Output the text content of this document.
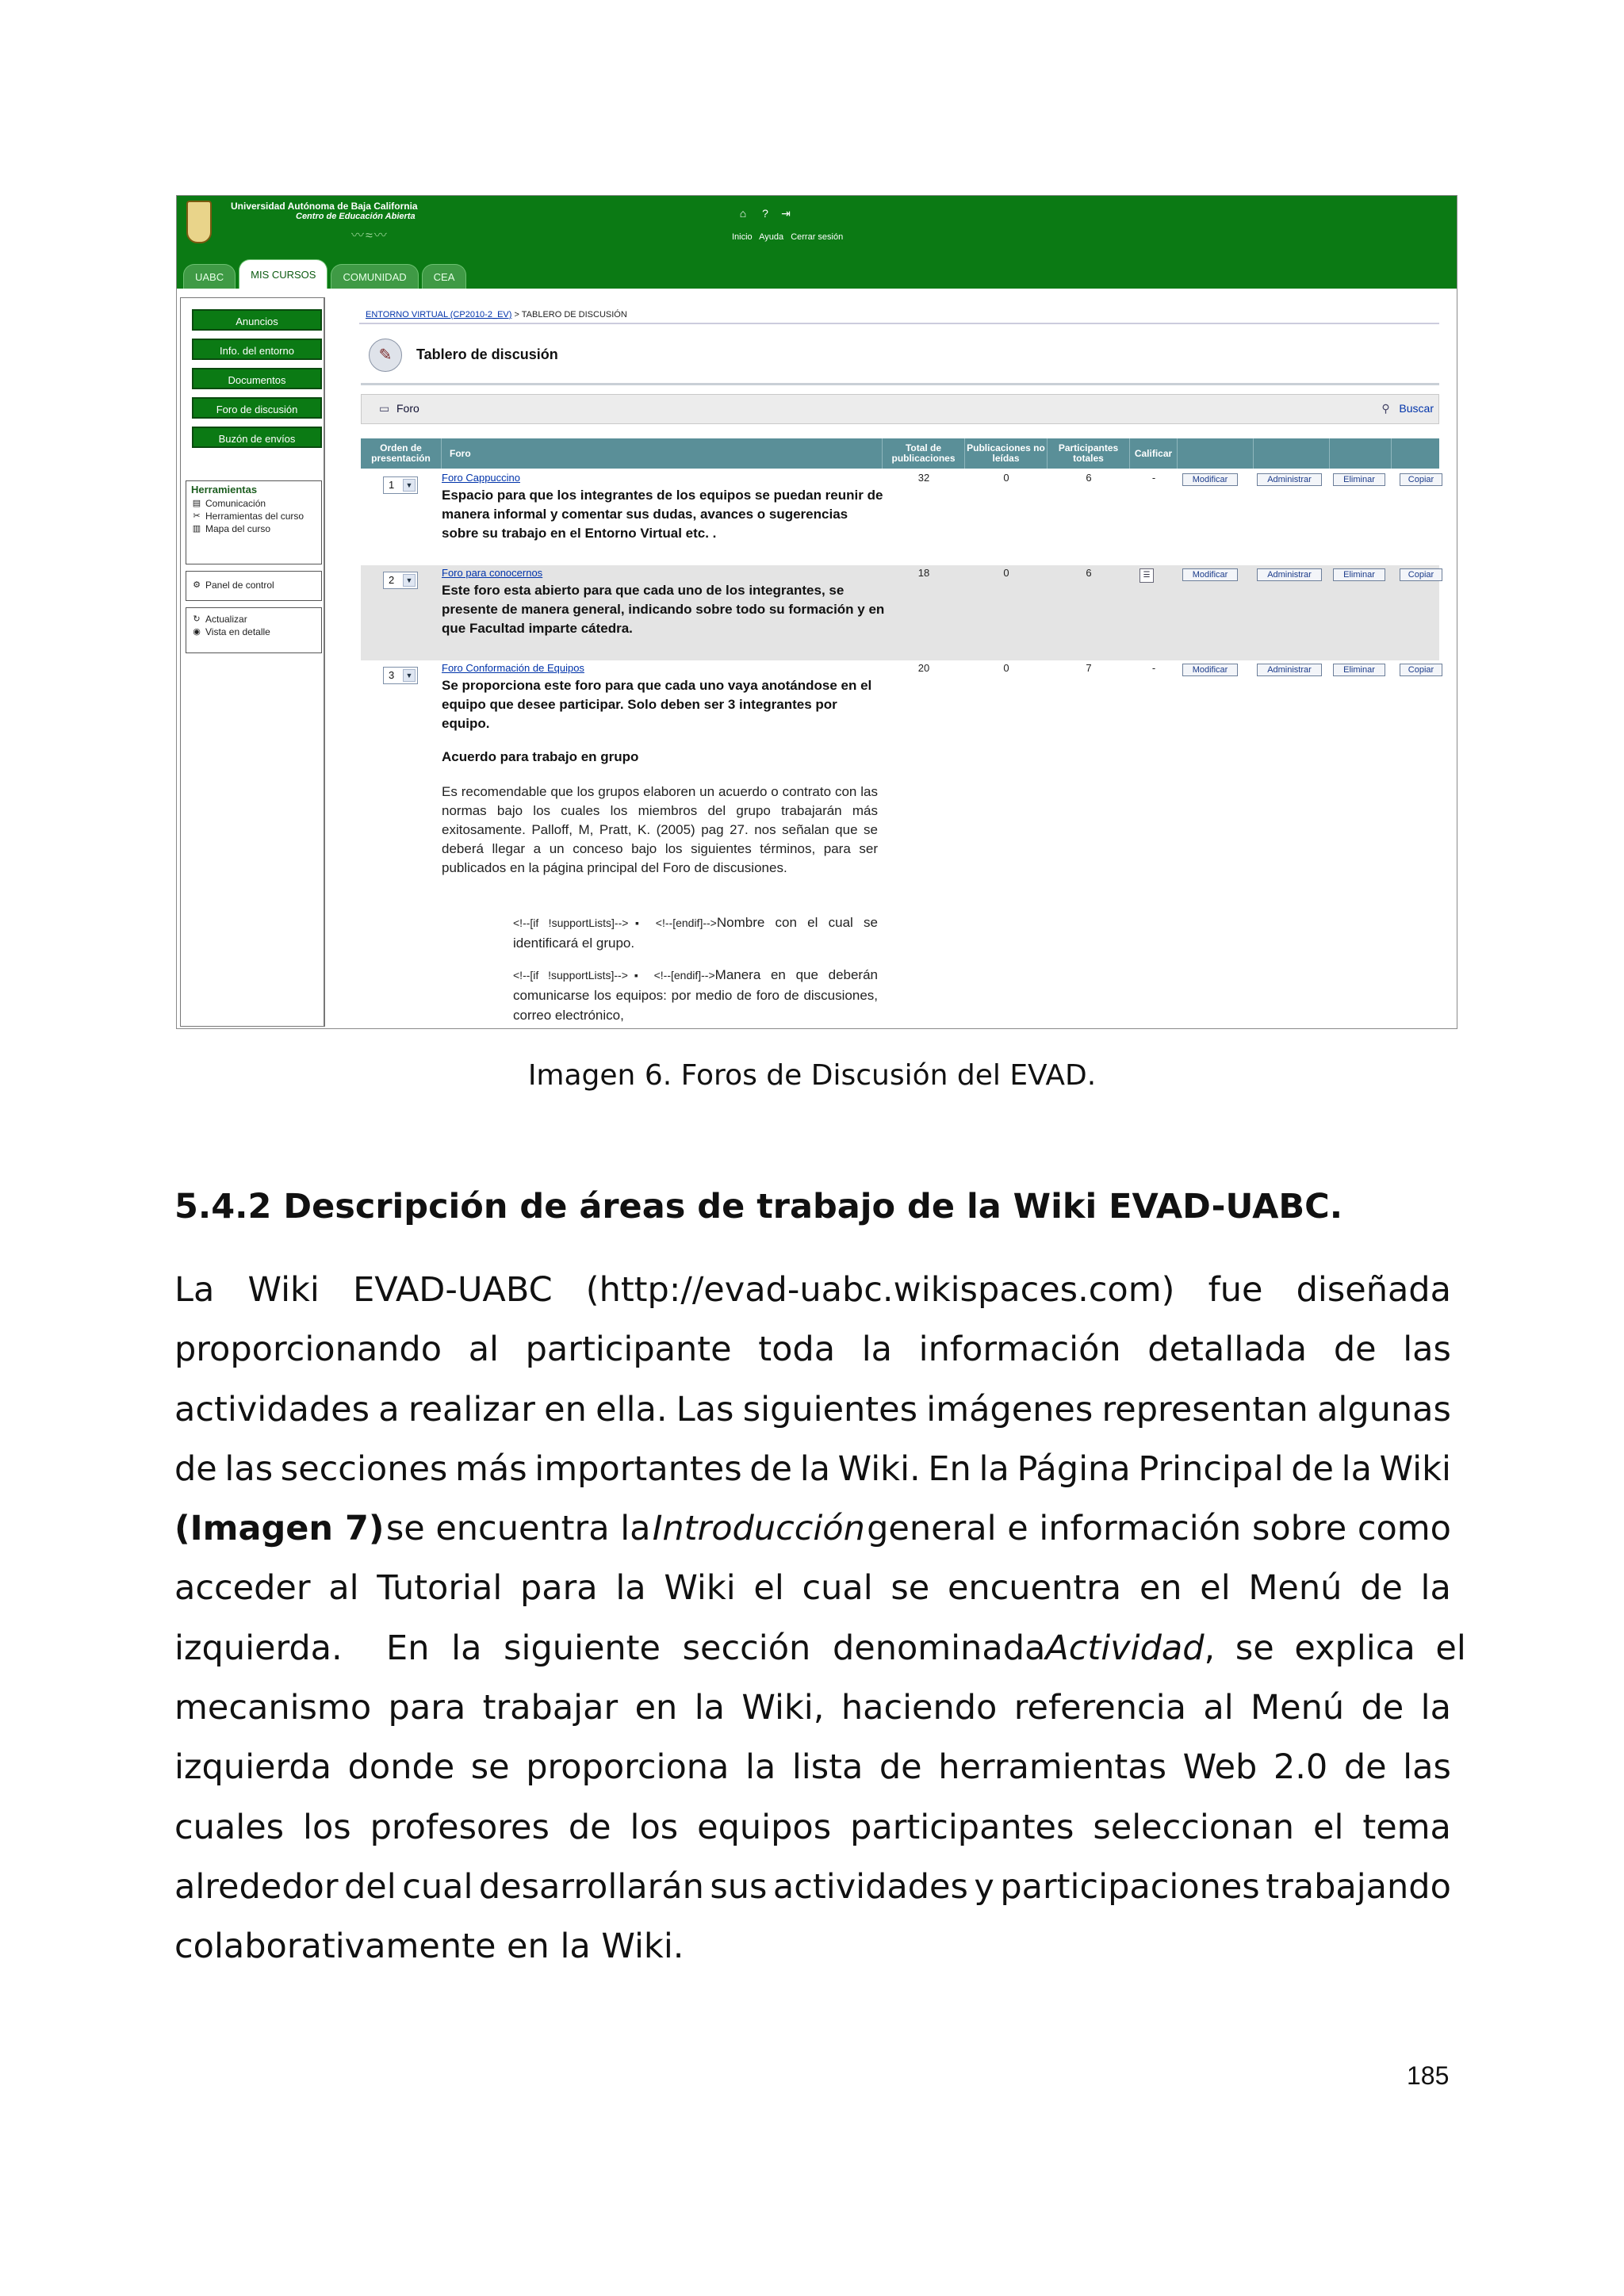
Universidad Autónoma de Baja California
Centro de Educación Abierta
〰≈〰
⌂ ? ⇥
Inicio Ayuda Cerrar sesión
UABC	MIS CURSOS	COMUNIDAD	CEA
Anuncios
Info. del entorno
Documentos
Foro de discusión
Buzón de envíos
Herramientas
▤ Comunicación
✂ Herramientas del curso
▥ Mapa del curso
⚙ Panel de control
↻ Actualizar
◉ Vista en detalle
ENTORNO VIRTUAL (CP2010-2_EV) > TABLERO DE DISCUSIÓN
✎	Tablero de discusión
▭ Foro	⚲ Buscar
Orden de presentación	Foro	Total de publicaciones
Publicaciones no leídas
Participantes totales	Calificar
1	▼
Foro Cappuccino
Espacio para que los integrantes de los equipos se puedan reunir de manera informal y comentar sus dudas, avances o sugerencias sobre su trabajo en el Entorno Virtual etc. .
32	0	6	-	Modificar	Administrar	Eliminar	Copiar
2	▼
Foro para conocernos
Este foro esta abierto para que cada uno de los integrantes, se presente de manera general, indicando sobre todo su formación y en que Facultad imparte cátedra.
18	0	6	☰	Modificar	Administrar	Eliminar	Copiar
3	▼
Foro Conformación de Equipos
Se proporciona este foro para que cada uno vaya anotándose en el equipo que desee participar. Solo deben ser 3 integrantes por equipo.
20	0	7	-	Modificar	Administrar	Eliminar	Copiar
Acuerdo para trabajo en grupo
Es recomendable que los grupos elaboren un acuerdo o contrato con las normas bajo los cuales los miembros del grupo trabajarán más exitosamente. Palloff, M, Pratt, K. (2005) pag 27. nos señalan que se deberá llegar a un conceso bajo los siguientes términos, para ser publicados en la página principal del Foro de discusiones.
<!--[if !supportLists]-->▪ <!--[endif]-->Nombre con el cual se identificará el grupo.
<!--[if !supportLists]-->▪ <!--[endif]-->Manera en que deberán comunicarse los equipos: por medio de foro de discusiones, correo electrónico,
Imagen 6. Foros de Discusión del EVAD.
5.4.2 Descripción de áreas de trabajo de la Wiki EVAD-UABC.
La Wiki EVAD-UABC (http://evad-uabc.wikispaces.com) fue diseñada
proporcionando al participante toda la información detallada de las
actividades a realizar en ella. Las siguientes imágenes representan algunas
de las secciones más importantes de la Wiki. En la Página Principal de la Wiki
(Imagen 7) se encuentra la Introducción general e información sobre como
acceder al Tutorial para la Wiki el cual se encuentra en el Menú de la
izquierda.  En la siguiente sección denominada Actividad, se explica el
mecanismo para trabajar en la Wiki, haciendo referencia al Menú de la
izquierda donde se proporciona la lista de herramientas Web 2.0 de las
cuales los profesores de los equipos participantes seleccionan el tema
alrededor del cual desarrollarán sus actividades y participaciones trabajando
colaborativamente en la Wiki.
185
